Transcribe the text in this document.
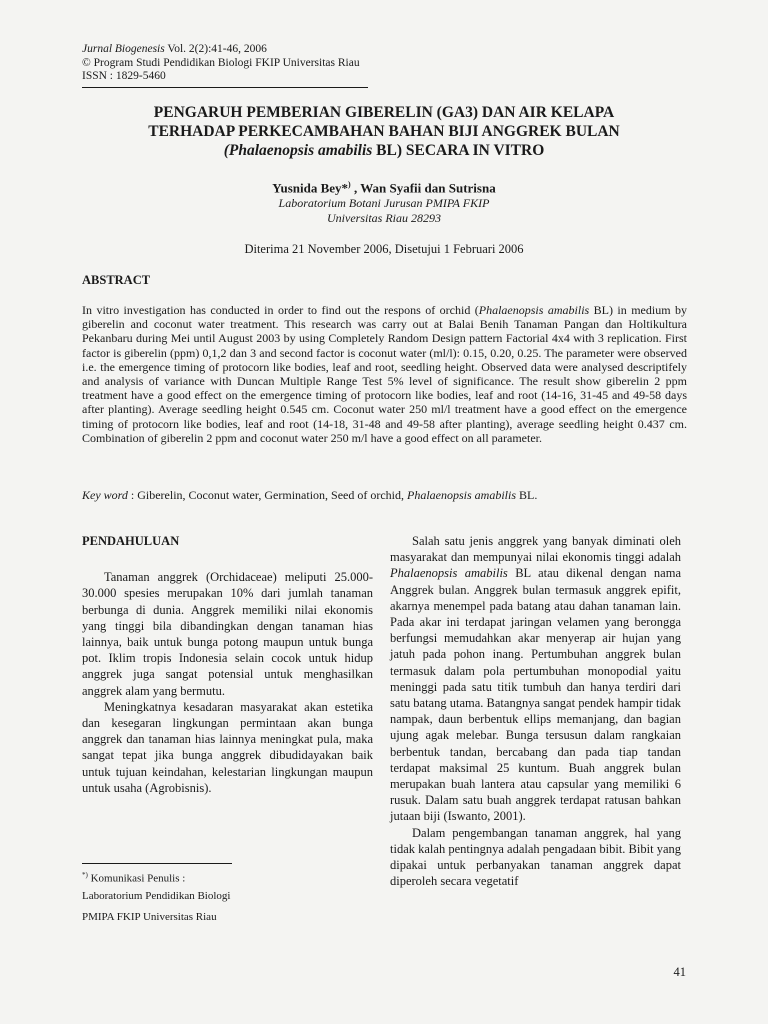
Jurnal Biogenesis Vol. 2(2):41-46, 2006
© Program Studi Pendidikan Biologi FKIP Universitas Riau
ISSN : 1829-5460
PENGARUH PEMBERIAN GIBERELIN (GA3) DAN AIR KELAPA
TERHADAP PERKECAMBAHAN BAHAN BIJI ANGGREK BULAN
(Phalaenopsis amabilis BL) SECARA IN VITRO
Yusnida Bey*) , Wan Syafii dan Sutrisna
Laboratorium Botani Jurusan PMIPA FKIP
Universitas Riau 28293
Diterima 21 November 2006, Disetujui 1 Februari 2006
ABSTRACT
In vitro investigation has conducted in order to find out the respons of orchid (Phalaenopsis amabilis BL) in medium by giberelin and coconut water treatment. This research was carry out at Balai Benih Tanaman Pangan dan Holtikultura Pekanbaru during Mei until August 2003 by using Completely Random Design pattern Factorial 4x4 with 3 replication. First factor is giberelin (ppm) 0,1,2 dan 3 and second factor is coconut water (ml/l): 0.15, 0.20, 0.25. The parameter were observed i.e. the emergence timing of protocorn like bodies, leaf and root, seedling height. Observed data were analysed descriptifely and analysis of variance with Duncan Multiple Range Test 5% level of significance. The result show giberelin 2 ppm treatment have a good effect on the emergence timing of protocorn like bodies, leaf and root (14-16, 31-45 and 49-58 days after planting). Average seedling height 0.545 cm. Coconut water 250 ml/l treatment have a good effect on the emergence timing of protocorn like bodies, leaf and root (14-18, 31-48 and 49-58 after planting), average seedling height 0.437 cm. Combination of giberelin 2 ppm and coconut water 250 m/l have a good effect on all parameter.
Key word : Giberelin, Coconut water, Germination, Seed of orchid, Phalaenopsis amabilis BL.

PENDAHULUAN

Tanaman anggrek (Orchidaceae) meliputi 25.000-30.000 spesies merupakan 10% dari jumlah tanaman berbunga di dunia. Anggrek memiliki nilai ekonomis yang tinggi bila dibandingkan dengan tanaman hias lainnya, baik untuk bunga potong maupun untuk bunga pot. Iklim tropis Indonesia selain cocok untuk hidup anggrek juga sangat potensial untuk menghasilkan anggrek alam yang bermutu.

Meningkatnya kesadaran masyarakat akan estetika dan kesegaran lingkungan permintaan akan bunga anggrek dan tanaman hias lainnya meningkat pula, maka sangat tepat jika bunga anggrek dibudidayakan baik untuk tujuan keindahan, kelestarian lingkungan maupun untuk usaha (Agrobisnis).

Salah satu jenis anggrek yang banyak diminati oleh masyarakat dan mempunyai nilai ekonomis tinggi adalah Phalaenopsis amabilis BL atau dikenal dengan nama Anggrek bulan. Anggrek bulan termasuk anggrek epifit, akarnya menempel pada batang atau dahan tanaman lain. Pada akar ini terdapat jaringan velamen yang berongga berfungsi memudahkan akar menyerap air hujan yang jatuh pada pohon inang. Pertumbuhan anggrek bulan termasuk dalam pola pertumbuhan monopodial yaitu meninggi pada satu titik tumbuh dan hanya terdiri dari satu batang utama. Batangnya sangat pendek hampir tidak nampak, daun berbentuk ellips memanjang, dan bagian ujung agak melebar. Bunga tersusun dalam rangkaian berbentuk tandan, bercabang dan pada tiap tandan terdapat maksimal 25 kuntum. Buah anggrek bulan merupakan buah lantera atau capsular yang memiliki 6 rusuk. Dalam satu buah anggrek terdapat ratusan bahkan jutaan biji (Iswanto, 2001).

Dalam pengembangan tanaman anggrek, hal yang tidak kalah pentingnya adalah pengadaan bibit. Bibit yang dipakai untuk perbanyakan tanaman anggrek dapat diperoleh secara vegetatif

*) Komunikasi Penulis :
Laboratorium Pendidikan Biologi
PMIPA FKIP Universitas Riau
41
